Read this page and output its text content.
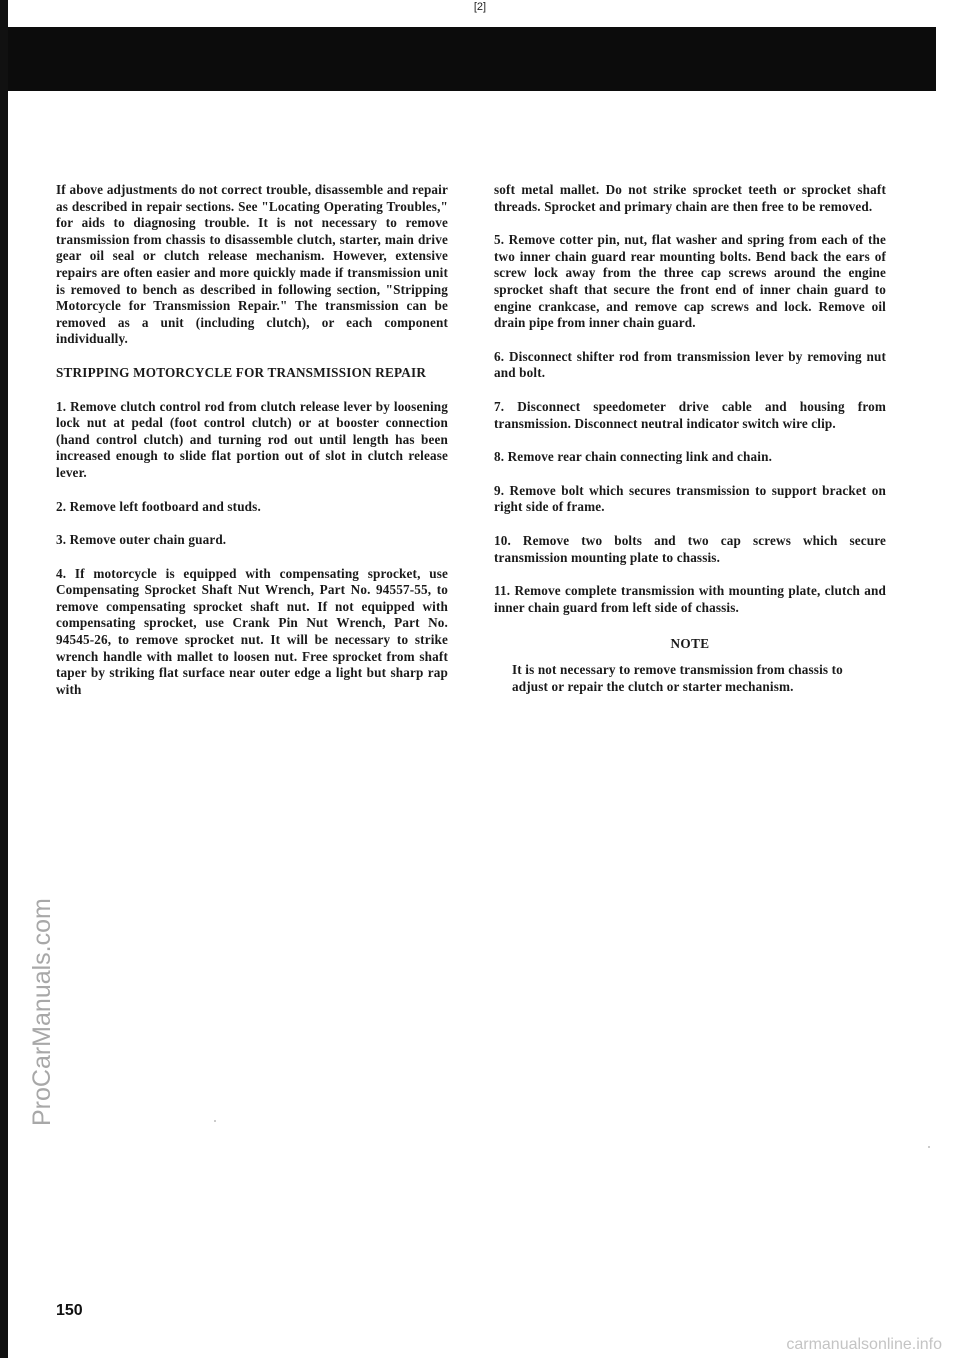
[2]

If above adjustments do not correct trouble, disassemble and repair as described in repair sections. See "Locating Operating Troubles," for aids to diagnosing trouble. It is not necessary to remove transmission from chassis to disassemble clutch, starter, main drive gear oil seal or clutch release mechanism. However, extensive repairs are often easier and more quickly made if transmission unit is removed to bench as described in following section, "Stripping Motorcycle for Transmission Repair." The transmission can be removed as a unit (including clutch), or each component individually.

STRIPPING MOTORCYCLE FOR TRANSMISSION REPAIR

1. Remove clutch control rod from clutch release lever by loosening lock nut at pedal (foot control clutch) or at booster connection (hand control clutch) and turning rod out until length has been increased enough to slide flat portion out of slot in clutch release lever.

2. Remove left footboard and studs.

3. Remove outer chain guard.

4. If motorcycle is equipped with compensating sprocket, use Compensating Sprocket Shaft Nut Wrench, Part No. 94557-55, to remove compensating sprocket shaft nut. If not equipped with compensating sprocket, use Crank Pin Nut Wrench, Part No. 94545-26, to remove sprocket nut. It will be necessary to strike wrench handle with mallet to loosen nut. Free sprocket from shaft taper by striking flat surface near outer edge a light but sharp rap with

soft metal mallet. Do not strike sprocket teeth or sprocket shaft threads. Sprocket and primary chain are then free to be removed.

5. Remove cotter pin, nut, flat washer and spring from each of the two inner chain guard rear mounting bolts. Bend back the ears of screw lock away from the three cap screws around the engine sprocket shaft that secure the front end of inner chain guard to engine crankcase, and remove cap screws and lock. Remove oil drain pipe from inner chain guard.

6. Disconnect shifter rod from transmission lever by removing nut and bolt.

7. Disconnect speedometer drive cable and housing from transmission. Disconnect neutral indicator switch wire clip.

8. Remove rear chain connecting link and chain.

9. Remove bolt which secures transmission to support bracket on right side of frame.

10. Remove two bolts and two cap screws which secure transmission mounting plate to chassis.

11. Remove complete transmission with mounting plate, clutch and inner chain guard from left side of chassis.

NOTE

It is not necessary to remove transmission from chassis to adjust or repair the clutch or starter mechanism.

ProCarManuals.com
150
carmanualsonline.info
